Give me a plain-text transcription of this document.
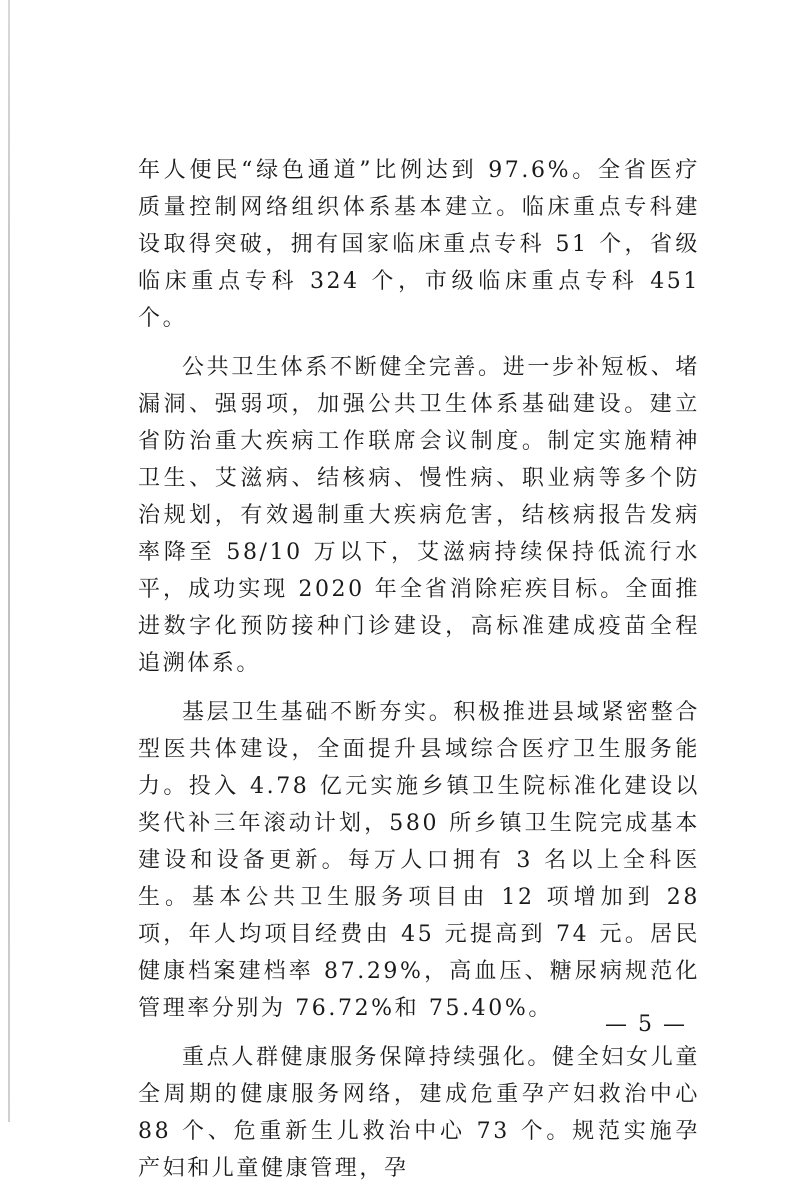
年人便民“绿色通道”比例达到 97.6%。全省医疗质量控制网络组织体系基本建立。临床重点专科建设取得突破，拥有国家临床重点专科 51 个，省级临床重点专科 324 个，市级临床重点专科 451 个。

公共卫生体系不断健全完善。进一步补短板、堵漏洞、强弱项，加强公共卫生体系基础建设。建立省防治重大疾病工作联席会议制度。制定实施精神卫生、艾滋病、结核病、慢性病、职业病等多个防治规划，有效遏制重大疾病危害，结核病报告发病率降至 58/10 万以下，艾滋病持续保持低流行水平，成功实现 2020 年全省消除疟疾目标。全面推进数字化预防接种门诊建设，高标准建成疫苗全程追溯体系。

基层卫生基础不断夯实。积极推进县域紧密整合型医共体建设，全面提升县域综合医疗卫生服务能力。投入 4.78 亿元实施乡镇卫生院标准化建设以奖代补三年滚动计划，580 所乡镇卫生院完成基本建设和设备更新。每万人口拥有 3 名以上全科医生。基本公共卫生服务项目由 12 项增加到 28 项，年人均项目经费由 45 元提高到 74 元。居民健康档案建档率 87.29%，高血压、糖尿病规范化管理率分别为 76.72%和 75.40%。

重点人群健康服务保障持续强化。健全妇女儿童全周期的健康服务网络，建成危重孕产妇救治中心 88 个、危重新生儿救治中心 73 个。规范实施孕产妇和儿童健康管理，孕

— 5 —
